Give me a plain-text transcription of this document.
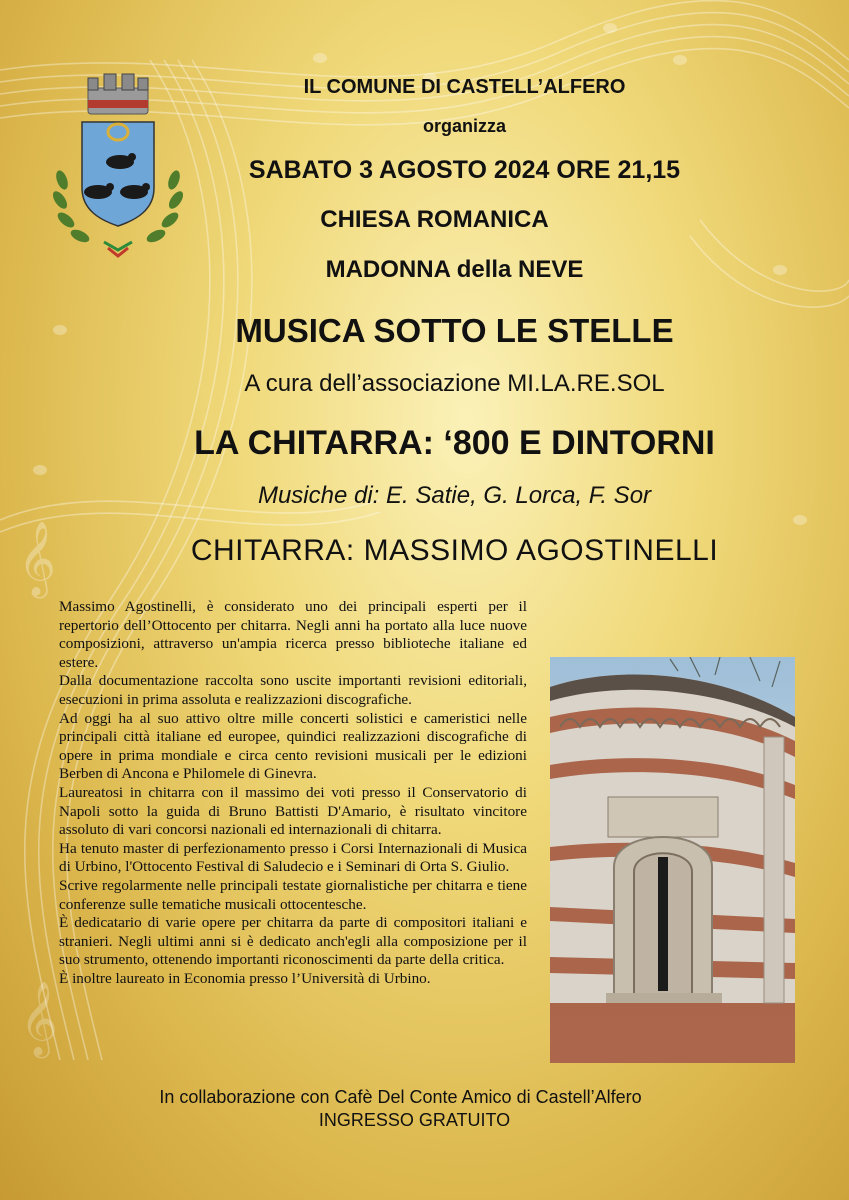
𝄞
𝄞
IL COMUNE DI CASTELL’ALFERO
organizza
SABATO 3 AGOSTO 2024 ORE 21,15
CHIESA ROMANICA
MADONNA della NEVE
MUSICA SOTTO LE STELLE
A cura dell’associazione MI.LA.RE.SOL
LA CHITARRA: ‘800 E DINTORNI
Musiche di: E. Satie, G. Lorca, F. Sor
CHITARRA: MASSIMO AGOSTINELLI

Massimo Agostinelli, è considerato uno dei principali esperti per il repertorio dell’Ottocento per chitarra. Negli anni ha portato alla luce nuove composizioni, attraverso un'ampia ricerca presso biblioteche italiane ed estere.

Dalla documentazione raccolta sono uscite importanti revisioni editoriali, esecuzioni in prima assoluta e realizzazioni discografiche.

Ad oggi ha al suo attivo oltre mille concerti solistici e cameristici nelle principali città italiane ed europee, quindici realizzazioni discografiche di opere in prima mondiale e circa cento revisioni musicali per le edizioni Berben di Ancona e Philomele di Ginevra.

Laureatosi in chitarra con il massimo dei voti presso il Conservatorio di Napoli sotto la guida di Bruno Battisti D'Amario, è risultato vincitore assoluto di vari concorsi nazionali ed internazionali di chitarra.

Ha tenuto master di perfezionamento presso i Corsi Internazionali di Musica di Urbino, l'Ottocento Festival di Saludecio e i Seminari di Orta S. Giulio.

Scrive regolarmente nelle principali testate giornalistiche per chitarra e tiene conferenze sulle tematiche musicali ottocentesche.

È dedicatario di varie opere per chitarra da parte di compositori italiani e stranieri. Negli ultimi anni si è dedicato anch'egli alla composizione per il suo strumento, ottenendo importanti riconoscimenti da parte della critica.

È inoltre laureato in Economia presso l’Università di Urbino.

In collaborazione con Cafè Del Conte Amico di Castell’Alfero
INGRESSO GRATUITO
